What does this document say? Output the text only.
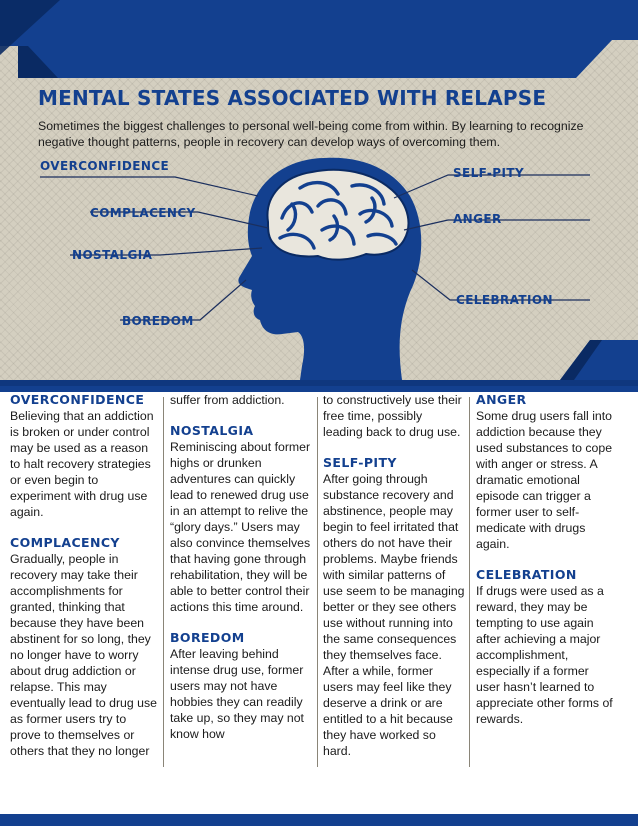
MENTAL STATES ASSOCIATED WITH RELAPSE

Sometimes the biggest challenges to personal well-being come from within. By learning to recognize negative thought patterns, people in recovery can develop ways of overcoming them.

OVERCONFIDENCE
COMPLACENCY
NOSTALGIA
BOREDOM
SELF-PITY
ANGER
CELEBRATION
OVERCONFIDENCE

Believing that an addiction is broken or under control may be used as a reason to halt recovery strategies or even begin to experiment with drug use again.

COMPLACENCY

Gradually, people in recovery may take their accomplishments for granted, thinking that because they have been abstinent for so long, they no longer have to worry about drug addiction or relapse. This may eventually lead to drug use as former users try to prove to themselves or others that they no longer

suffer from addiction.

NOSTALGIA

Reminiscing about former highs or drunken adventures can quickly lead to renewed drug use in an attempt to relive the “glory days.” Users may also convince themselves that having gone through rehabilitation, they will be able to better control their actions this time around.

BOREDOM

After leaving behind intense drug use, former users may not have hobbies they can readily take up, so they may not know how

to constructively use their free time, possibly leading back to drug use.

SELF-PITY

After going through substance recovery and abstinence, people may begin to feel irritated that others do not have their problems. Maybe friends with similar patterns of use seem to be managing better or they see others use without running into the same consequences they themselves face. After a while, former users may feel like they deserve a drink or are entitled to a hit because they have worked so hard.

ANGER

Some drug users fall into addiction because they used substances to cope with anger or stress. A dramatic emotional episode can trigger a former user to self-medicate with drugs again.

CELEBRATION

If drugs were used as a reward, they may be tempting to use again after achieving a major accomplishment, especially if a former user hasn’t learned to appreciate other forms of rewards.
